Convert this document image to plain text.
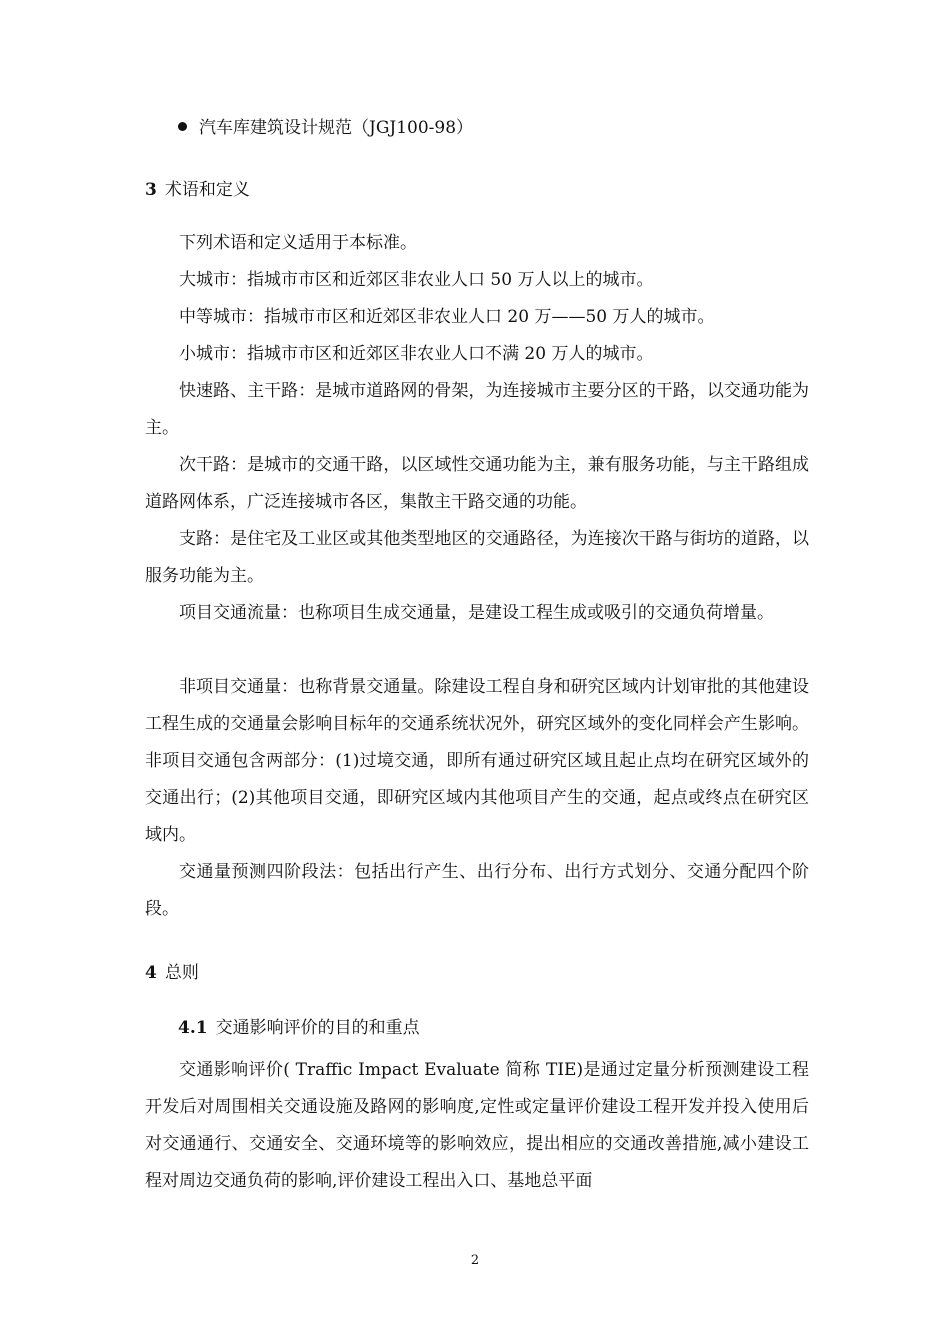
汽车库建筑设计规范（JGJ100-98）
3 术语和定义

下列术语和定义适用于本标准。

大城市：指城市市区和近郊区非农业人口 50 万人以上的城市。

中等城市：指城市市区和近郊区非农业人口 20 万——50 万人的城市。

小城市：指城市市区和近郊区非农业人口不满 20 万人的城市。

快速路、主干路：是城市道路网的骨架，为连接城市主要分区的干路，以交通功能为主。

次干路：是城市的交通干路，以区域性交通功能为主，兼有服务功能，与主干路组成道路网体系，广泛连接城市各区，集散主干路交通的功能。

支路：是住宅及工业区或其他类型地区的交通路径，为连接次干路与街坊的道路，以服务功能为主。

项目交通流量：也称项目生成交通量，是建设工程生成或吸引的交通负荷增量。

非项目交通量：也称背景交通量。除建设工程自身和研究区域内计划审批的其他建设工程生成的交通量会影响目标年的交通系统状况外，研究区域外的变化同样会产生影响。非项目交通包含两部分：(1)过境交通，即所有通过研究区域且起止点均在研究区域外的交通出行；(2)其他项目交通，即研究区域内其他项目产生的交通，起点或终点在研究区域内。

交通量预测四阶段法：包括出行产生、出行分布、出行方式划分、交通分配四个阶段。

4 总则
4.1 交通影响评价的目的和重点

交通影响评价( Traffic Impact Evaluate 简称 TIE)是通过定量分析预测建设工程开发后对周围相关交通设施及路网的影响度,定性或定量评价建设工程开发并投入使用后对交通通行、交通安全、交通环境等的影响效应，提出相应的交通改善措施,减小建设工程对周边交通负荷的影响,评价建设工程出入口、基地总平面

2
